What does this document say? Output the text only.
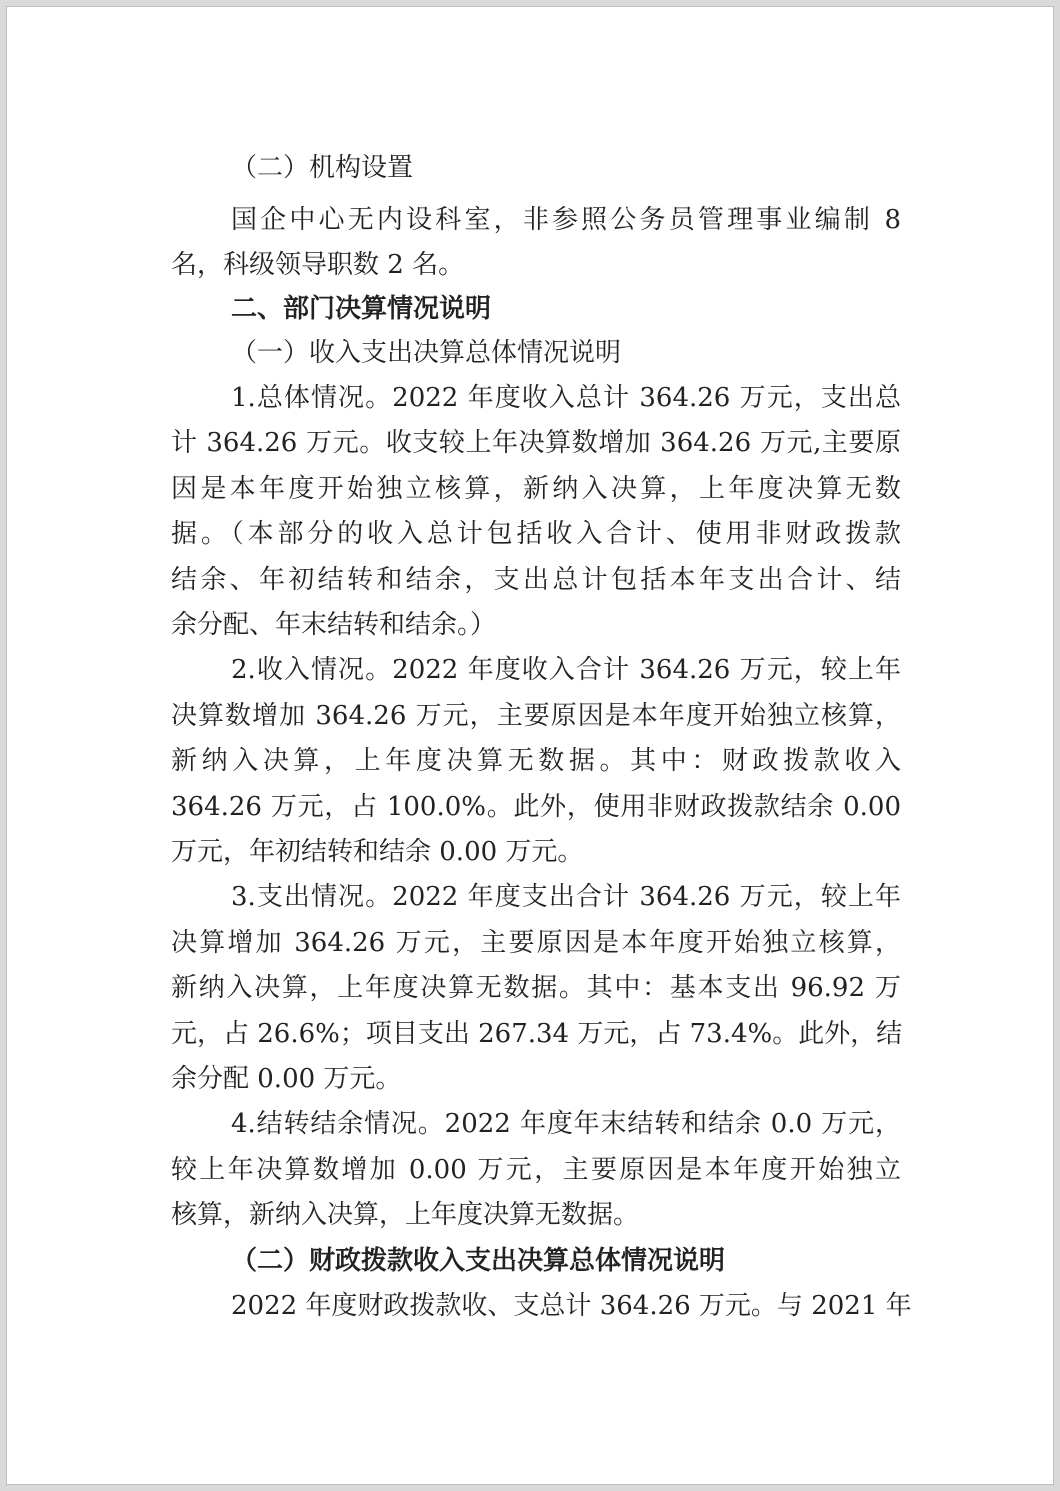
（二）机构设置

国企中心无内设科室，非参照公务员管理事业编制 8

名，科级领导职数 2 名。

二、部门决算情况说明

（一）收入支出决算总体情况说明

1.总体情况。2022 年度收入总计 364.26 万元，支出总

计 364.26 万元。收支较上年决算数增加 364.26 万元,主要原

因是本年度开始独立核算，新纳入决算，上年度决算无数

据。（本部分的收入总计包括收入合计、使用非财政拨款

结余、年初结转和结余，支出总计包括本年支出合计、结

余分配、年末结转和结余。）

2.收入情况。2022 年度收入合计 364.26 万元，较上年

决算数增加 364.26 万元，主要原因是本年度开始独立核算，

新纳入决算，上年度决算无数据。其中：财政拨款收入

364.26 万元，占 100.0%。此外，使用非财政拨款结余 0.00

万元，年初结转和结余 0.00 万元。

3.支出情况。2022 年度支出合计 364.26 万元，较上年

决算增加 364.26 万元，主要原因是本年度开始独立核算，

新纳入决算，上年度决算无数据。其中：基本支出 96.92 万

元，占 26.6%；项目支出 267.34 万元，占 73.4%。此外，结

余分配 0.00 万元。

4.结转结余情况。2022 年度年末结转和结余 0.0 万元，

较上年决算数增加 0.00 万元，主要原因是本年度开始独立

核算，新纳入决算，上年度决算无数据。

（二）财政拨款收入支出决算总体情况说明

2022 年度财政拨款收、支总计 364.26 万元。与 2021 年
